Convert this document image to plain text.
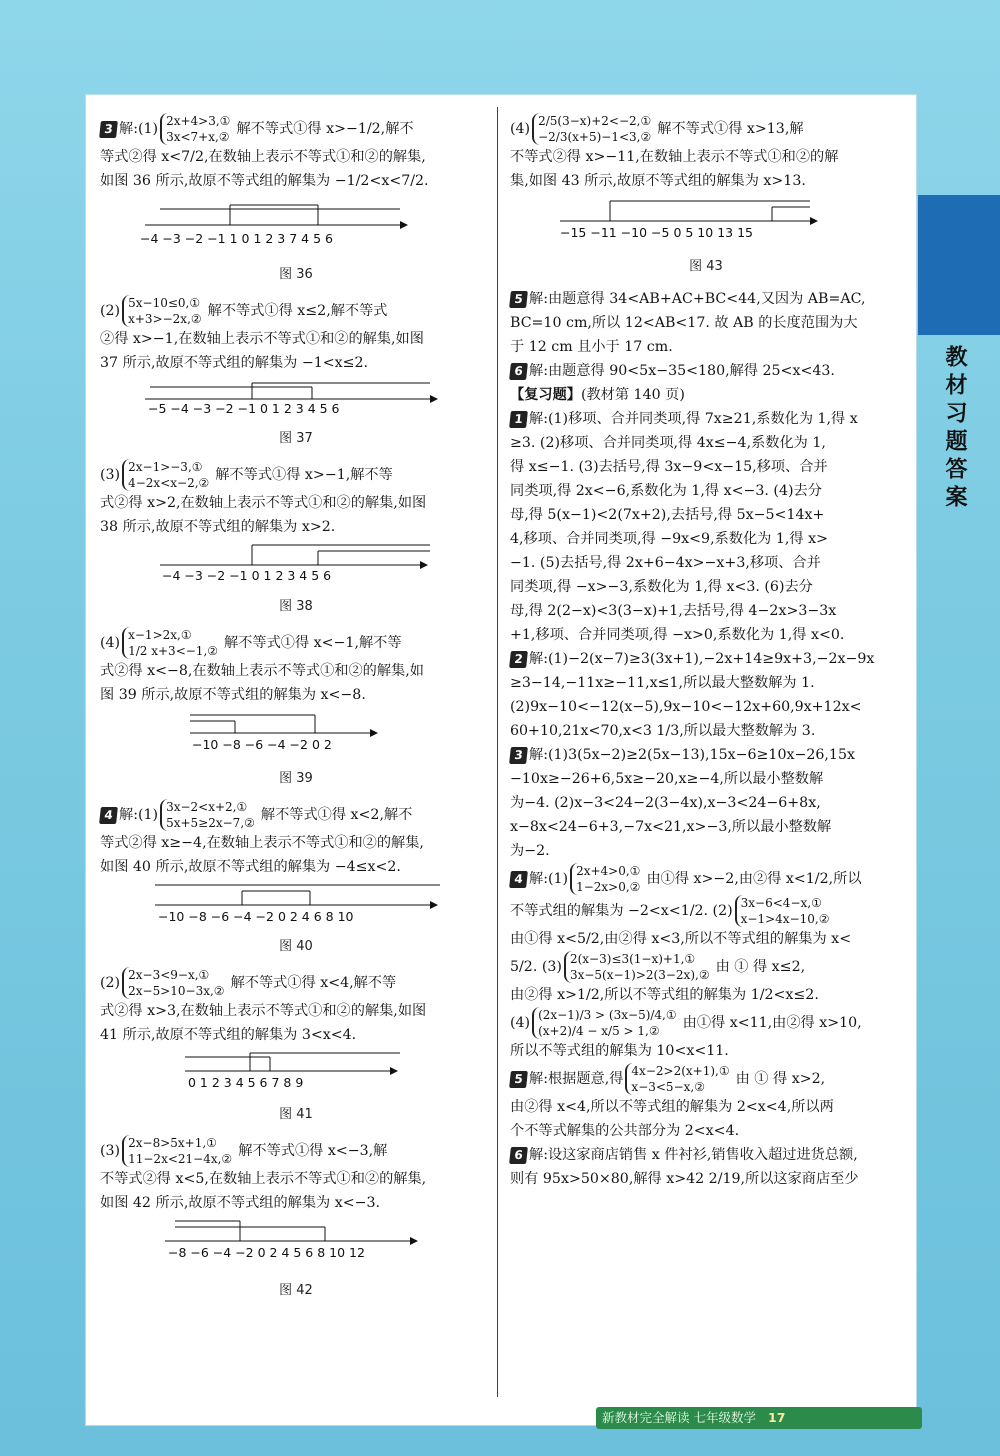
教材习题答案
3 解:(1) 2x+4>3,①
3x<7+x,② 解不等式①得 x>−1/2,解不
等式②得 x<7/2,在数轴上表示不等式①和②的解集,
如图 36 所示,故原不等式组的解集为 −1/2<x<7/2.
−4 −3 −2 −1 1 0 1 2 3 7 4 5 6
图 36
(2) 5x−10≤0,①
x+3>−2x,② 解不等式①得 x≤2,解不等式
②得 x>−1,在数轴上表示不等式①和②的解集,如图
37 所示,故原不等式组的解集为 −1<x≤2.
−5 −4 −3 −2 −1 0 1 2 3 4 5 6
图 37
(3) 2x−1>−3,①
4−2x<x−2,② 解不等式①得 x>−1,解不等
式②得 x>2,在数轴上表示不等式①和②的解集,如图
38 所示,故原不等式组的解集为 x>2.
−4 −3 −2 −1 0 1 2 3 4 5 6
图 38
(4) x−1>2x,①
1/2 x+3<−1,② 解不等式①得 x<−1,解不等
式②得 x<−8,在数轴上表示不等式①和②的解集,如
图 39 所示,故原不等式组的解集为 x<−8.
−10 −8 −6 −4 −2 0 2
图 39
4 解:(1) 3x−2<x+2,①
5x+5≥2x−7,② 解不等式①得 x<2,解不
等式②得 x≥−4,在数轴上表示不等式①和②的解集,
如图 40 所示,故原不等式组的解集为 −4≤x<2.
−10 −8 −6 −4 −2 0 2 4 6 8 10
图 40
(2) 2x−3<9−x,①
2x−5>10−3x,② 解不等式①得 x<4,解不等
式②得 x>3,在数轴上表示不等式①和②的解集,如图
41 所示,故原不等式组的解集为 3<x<4.
0 1 2 3 4 5 6 7 8 9
图 41
(3) 2x−8>5x+1,①
11−2x<21−4x,② 解不等式①得 x<−3,解
不等式②得 x<5,在数轴上表示不等式①和②的解集,
如图 42 所示,故原不等式组的解集为 x<−3.
−8 −6 −4 −2 0 2 4 5 6 8 10 12
图 42
(4) 2/5(3−x)+2<−2,①
−2/3(x+5)−1<3,② 解不等式①得 x>13,解
不等式②得 x>−11,在数轴上表示不等式①和②的解
集,如图 43 所示,故原不等式组的解集为 x>13.
−15 −11 −10 −5 0 5 10 13 15
图 43
5 解:由题意得 34<AB+AC+BC<44,又因为 AB=AC,
BC=10 cm,所以 12<AB<17. 故 AB 的长度范围为大
于 12 cm 且小于 17 cm.
6 解:由题意得 90<5x−35<180,解得 25<x<43.
【复习题】(教材第 140 页)
1 解:(1)移项、合并同类项,得 7x≥21,系数化为 1,得 x
≥3. (2)移项、合并同类项,得 4x≤−4,系数化为 1,
得 x≤−1. (3)去括号,得 3x−9<x−15,移项、合并
同类项,得 2x<−6,系数化为 1,得 x<−3. (4)去分
母,得 5(x−1)<2(7x+2),去括号,得 5x−5<14x+
4,移项、合并同类项,得 −9x<9,系数化为 1,得 x>
−1. (5)去括号,得 2x+6−4x>−x+3,移项、合并
同类项,得 −x>−3,系数化为 1,得 x<3. (6)去分
母,得 2(2−x)<3(3−x)+1,去括号,得 4−2x>3−3x
+1,移项、合并同类项,得 −x>0,系数化为 1,得 x<0.
2 解:(1)−2(x−7)≥3(3x+1),−2x+14≥9x+3,−2x−9x
≥3−14,−11x≥−11,x≤1,所以最大整数解为 1.
(2)9x−10<−12(x−5),9x−10<−12x+60,9x+12x<
60+10,21x<70,x<3 1/3,所以最大整数解为 3.
3 解:(1)3(5x−2)≥2(5x−13),15x−6≥10x−26,15x
−10x≥−26+6,5x≥−20,x≥−4,所以最小整数解
为−4. (2)x−3<24−2(3−4x),x−3<24−6+8x,
x−8x<24−6+3,−7x<21,x>−3,所以最小整数解
为−2.
4 解:(1) 2x+4>0,①
1−2x>0,② 由①得 x>−2,由②得 x<1/2,所以
不等式组的解集为 −2<x<1/2. (2) 3x−6<4−x,①
x−1>4x−10,②
由①得 x<5/2,由②得 x<3,所以不等式组的解集为 x<
5/2. (3) 2(x−3)≤3(1−x)+1,①
3x−5(x−1)>2(3−2x),② 由 ① 得 x≤2,
由②得 x>1/2,所以不等式组的解集为 1/2<x≤2.
(4) (2x−1)/3 > (3x−5)/4,①
(x+2)/4 − x/5 > 1,② 由①得 x<11,由②得 x>10,
所以不等式组的解集为 10<x<11.
5 解:根据题意,得 4x−2>2(x+1),①
x−3<5−x,② 由 ① 得 x>2,
由②得 x<4,所以不等式组的解集为 2<x<4,所以两
个不等式解集的公共部分为 2<x<4.
6 解:设这家商店销售 x 件衬衫,销售收入超过进货总额,
则有 95x>50×80,解得 x>42 2/19,所以这家商店至少
新教材完全解读 七年级数学 17
